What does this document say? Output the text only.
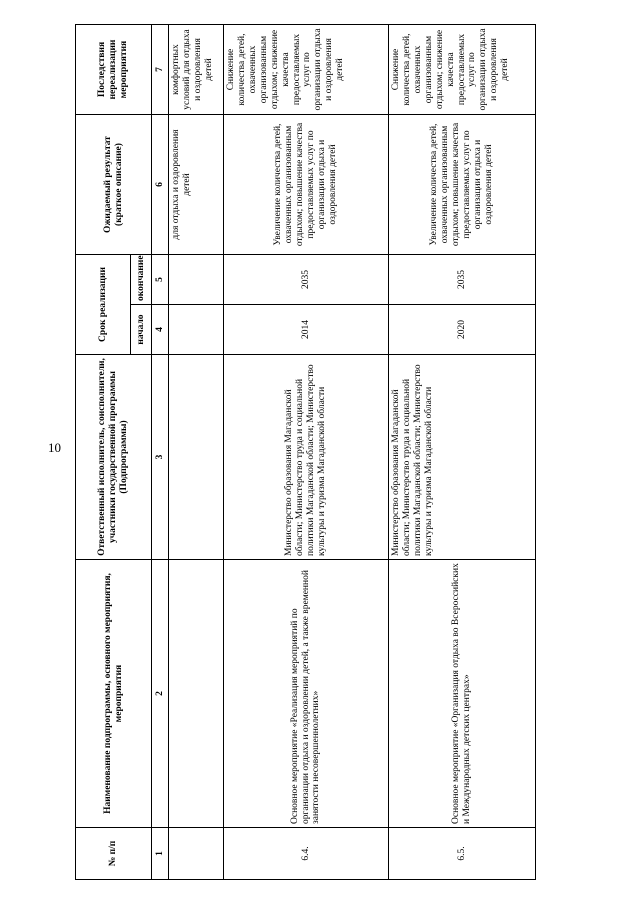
10
№ п/п	Наименование подпрограммы, основного мероприятия, мероприятия	Ответственный исполнитель, соисполнители, участники государственной программы (Подпрограммы)	Срок реализации		Ожидаемый результат (краткое описание)	Последствия нереализации мероприятия
			начало	окончание		
1	2	3	4	5	6	7
					для отдыха и оздоровления детей	комфортных условий для отдыха и оздоровления детей
6.4.	Основное мероприятие «Реализация мероприятий по организации отдыха и оздоровлении детей, а также временной занятости несовершеннолетних»	Министерство образования Магаданской области; Министерство труда и социальной политики Магаданской области; Министерство культуры и туризма Магаданской области	2014	2035	Увеличение количества детей, охваченных организованным отдыхом; повышение качества предоставляемых услуг по организации отдыха и оздоровления детей	Снижение количества детей, охваченных организованным отдыхом; снижение качества предоставляемых услуг по организации отдыха и оздоровления детей
6.5.	Основное мероприятие «Организация отдыха во Всероссийских и Международных детских центрах»	Министерство образования Магаданской области; Министерство труда и социальной политики Магаданской области; Министерство культуры и туризма Магаданской области	2020	2035	Увеличение количества детей, охваченных организованным отдыхом; повышение качества предоставляемых услуг по организации отдыха и оздоровления детей	Снижение количества детей, охваченных организованным отдыхом; снижение качества предоставляемых услуг по организации отдыха и оздоровления детей
